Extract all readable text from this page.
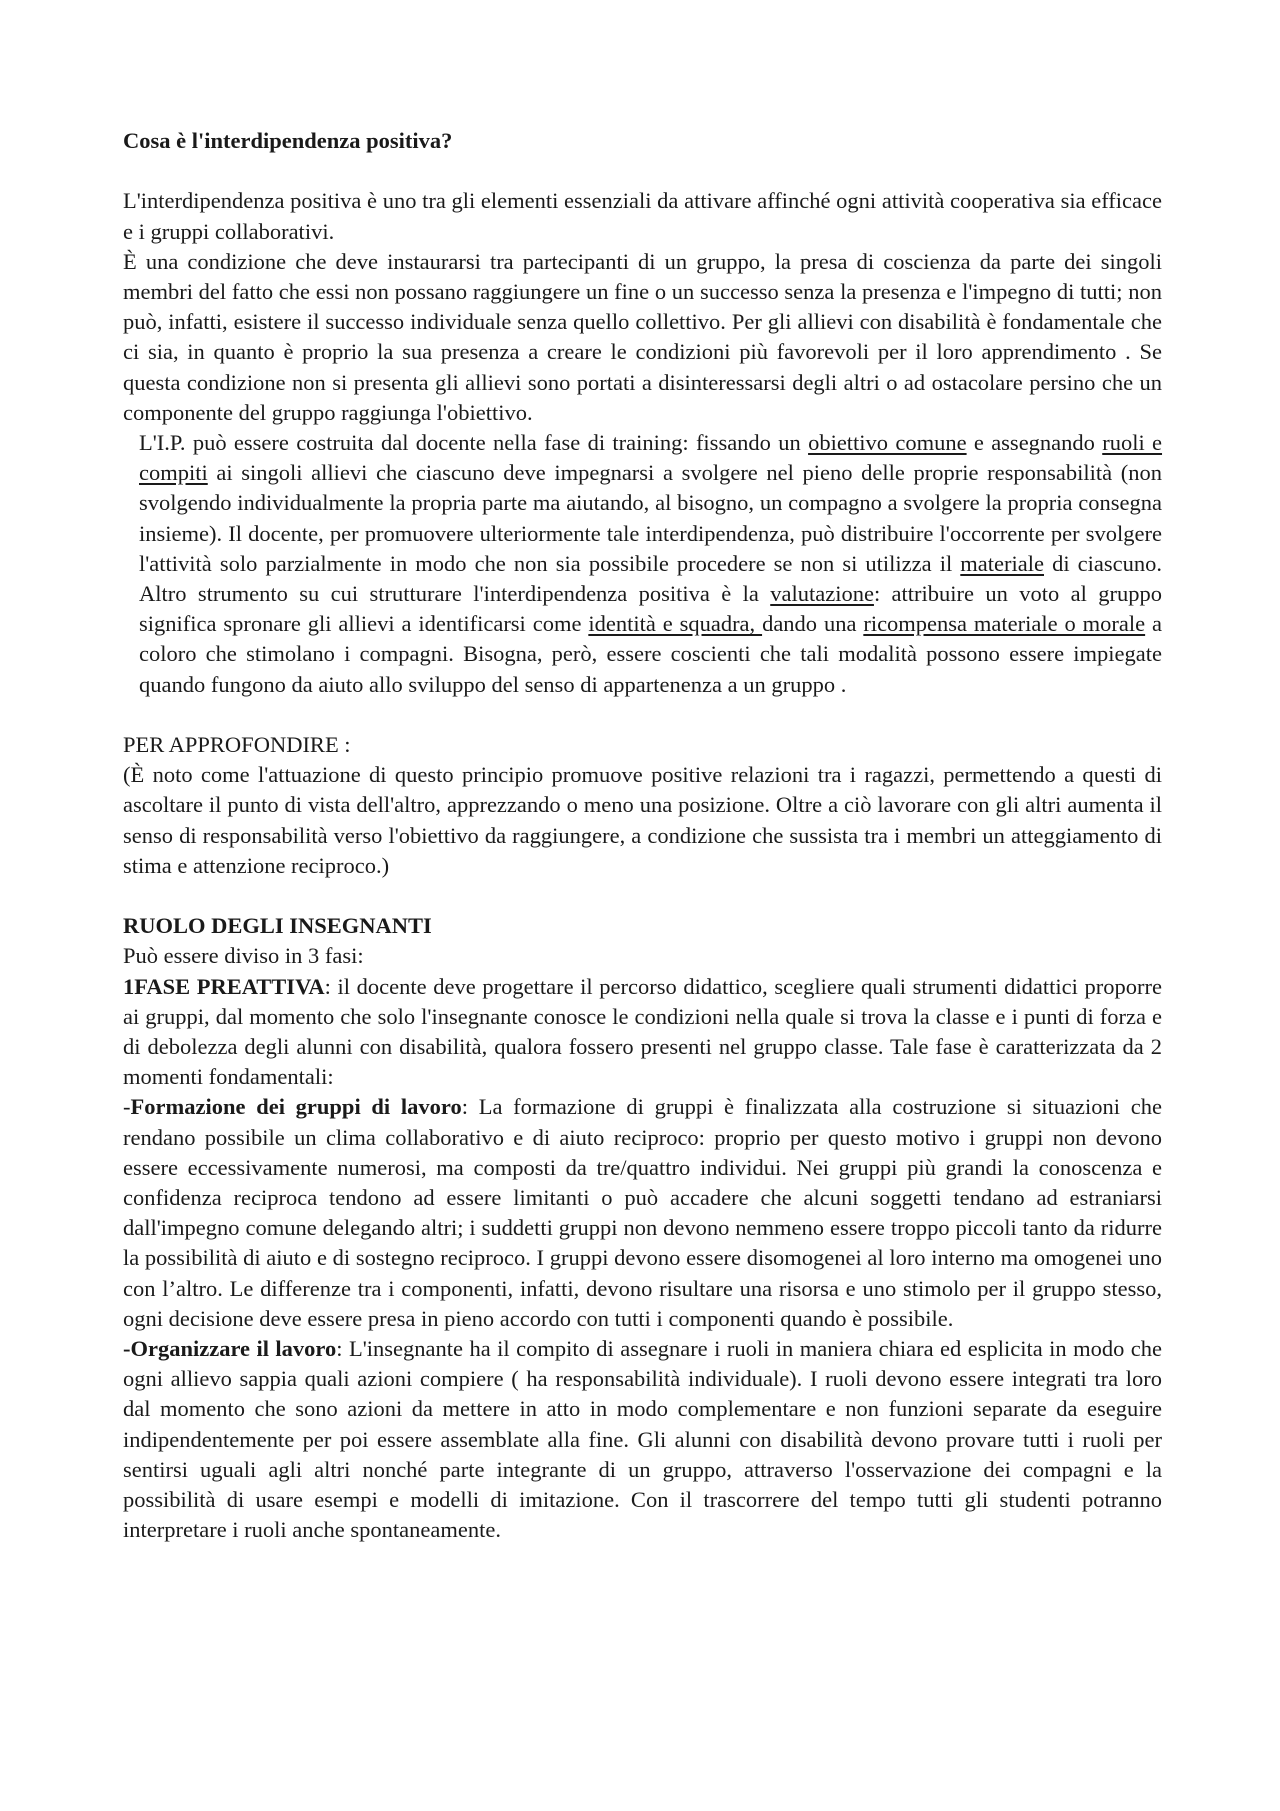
Cosa è l'interdipendenza positiva?

L'interdipendenza positiva è uno tra gli elementi essenziali da attivare affinché ogni attività cooperativa sia efficace e i gruppi collaborativi.

È una condizione che deve instaurarsi tra partecipanti di un gruppo, la presa di coscienza da parte dei singoli membri del fatto che essi non possano raggiungere un fine o un successo senza la presenza e l'impegno di tutti; non può, infatti, esistere il successo individuale senza quello collettivo. Per gli allievi con disabilità è fondamentale che ci sia, in quanto è proprio la sua presenza a creare le condizioni più favorevoli per il loro apprendimento . Se questa condizione non si presenta gli allievi sono portati a disinteressarsi degli altri o ad ostacolare persino che un componente del gruppo raggiunga l'obiettivo.

L'I.P. può essere costruita dal docente nella fase di training: fissando un obiettivo comune e assegnando ruoli e compiti ai singoli allievi che ciascuno deve impegnarsi a svolgere nel pieno delle proprie responsabilità (non svolgendo individualmente la propria parte ma aiutando, al bisogno, un compagno a svolgere la propria consegna insieme). Il docente, per promuovere ulteriormente tale interdipendenza, può distribuire l'occorrente per svolgere l'attività solo parzialmente in modo che non sia possibile procedere se non si utilizza il materiale di ciascuno. Altro strumento su cui strutturare l'interdipendenza positiva è la valutazione: attribuire un voto al gruppo significa spronare gli allievi a identificarsi come identità e squadra, dando una ricompensa materiale o morale a coloro che stimolano i compagni. Bisogna, però, essere coscienti che tali modalità possono essere impiegate quando fungono da aiuto allo sviluppo del senso di appartenenza a un gruppo .

PER APPROFONDIRE :

(È noto come l'attuazione di questo principio promuove positive relazioni tra i ragazzi, permettendo a questi di ascoltare il punto di vista dell'altro, apprezzando o meno una posizione. Oltre a ciò lavorare con gli altri aumenta il senso di responsabilità verso l'obiettivo da raggiungere, a condizione che sussista tra i membri un atteggiamento di stima e attenzione reciproco.)

RUOLO DEGLI INSEGNANTI

Può essere diviso in 3 fasi:

1FASE PREATTIVA: il docente deve progettare il percorso didattico, scegliere quali strumenti didattici proporre ai gruppi, dal momento che solo l'insegnante conosce le condizioni nella quale si trova la classe e i punti di forza e di debolezza degli alunni con disabilità, qualora fossero presenti nel gruppo classe. Tale fase è caratterizzata da 2 momenti fondamentali:

-Formazione dei gruppi di lavoro: La formazione di gruppi è finalizzata alla costruzione si situazioni che rendano possibile un clima collaborativo e di aiuto reciproco: proprio per questo motivo i gruppi non devono essere eccessivamente numerosi, ma composti da tre/quattro individui. Nei gruppi più grandi la conoscenza e confidenza reciproca tendono ad essere limitanti o può accadere che alcuni soggetti tendano ad estraniarsi dall'impegno comune delegando altri; i suddetti gruppi non devono nemmeno essere troppo piccoli tanto da ridurre la possibilità di aiuto e di sostegno reciproco. I gruppi devono essere disomogenei al loro interno ma omogenei uno con l’altro. Le differenze tra i componenti, infatti, devono risultare una risorsa e uno stimolo per il gruppo stesso, ogni decisione deve essere presa in pieno accordo con tutti i componenti quando è possibile.

-Organizzare il lavoro: L'insegnante ha il compito di assegnare i ruoli in maniera chiara ed esplicita in modo che ogni allievo sappia quali azioni compiere ( ha responsabilità individuale). I ruoli devono essere integrati tra loro dal momento che sono azioni da mettere in atto in modo complementare e non funzioni separate da eseguire indipendentemente per poi essere assemblate alla fine. Gli alunni con disabilità devono provare tutti i ruoli per sentirsi uguali agli altri nonché parte integrante di un gruppo, attraverso l'osservazione dei compagni e la possibilità di usare esempi e modelli di imitazione. Con il trascorrere del tempo tutti gli studenti potranno interpretare i ruoli anche spontaneamente.
